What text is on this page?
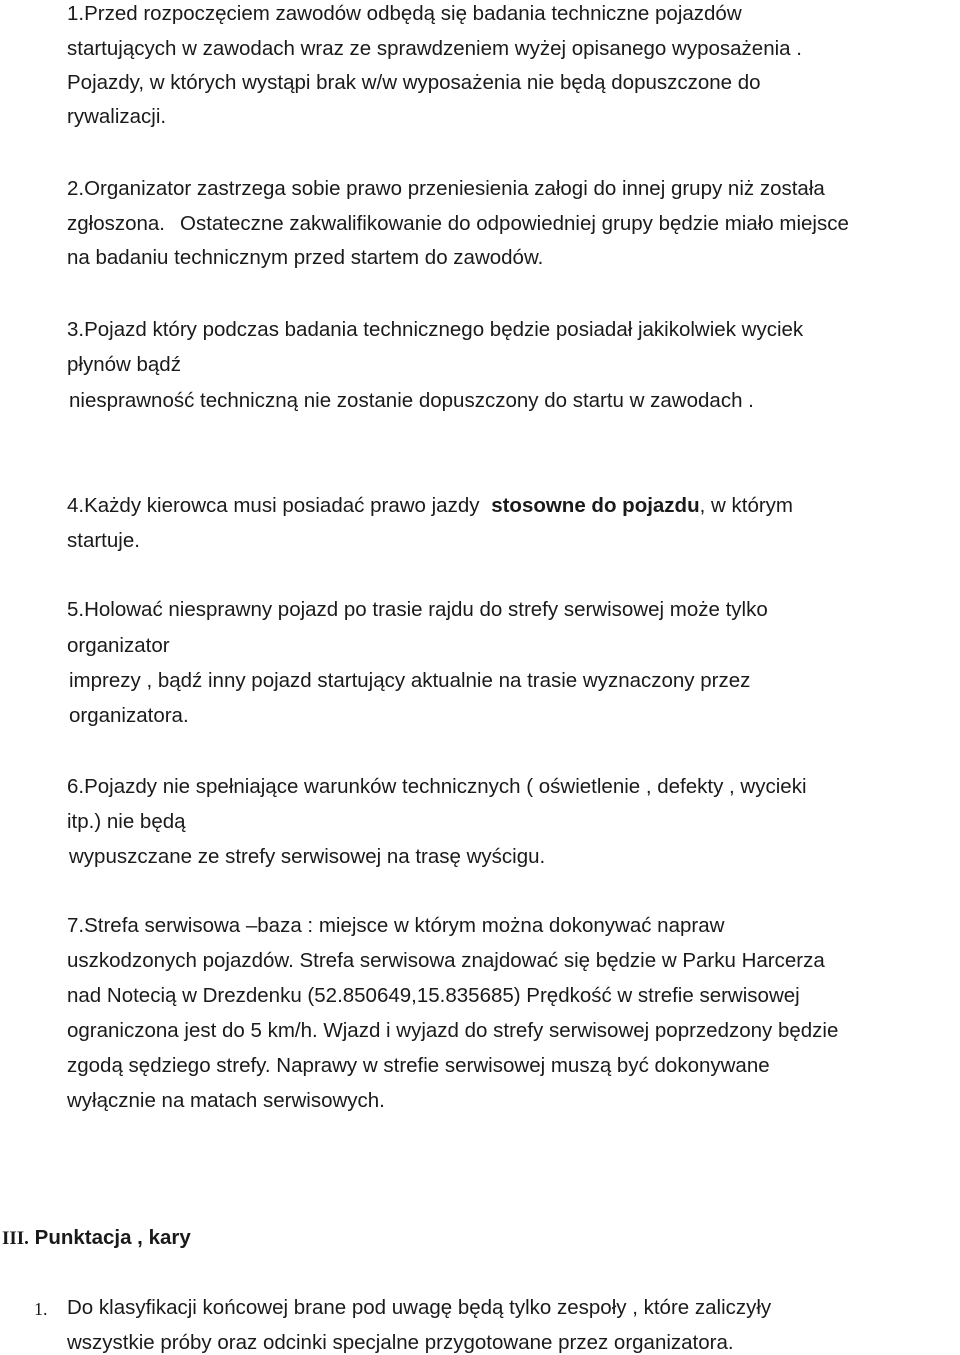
1.Przed rozpoczęciem zawodów odbędą się badania techniczne pojazdów
startujących w zawodach wraz ze sprawdzeniem wyżej opisanego wyposażenia .
Pojazdy, w których wystąpi brak w/w wyposażenia nie będą dopuszczone do
rywalizacji.
2.Organizator zastrzega sobie prawo przeniesienia załogi do innej grupy niż została
zgłoszona. Ostateczne zakwalifikowanie do odpowiedniej grupy będzie miało miejsce
na badaniu technicznym przed startem do zawodów.
3.Pojazd który podczas badania technicznego będzie posiadał jakikolwiek wyciek
płynów bądź
niesprawność techniczną nie zostanie dopuszczony do startu w zawodach .
4.Każdy kierowca musi posiadać prawo jazdy stosowne do pojazdu, w którym
startuje.
5.Holować niesprawny pojazd po trasie rajdu do strefy serwisowej może tylko
organizator
imprezy , bądź inny pojazd startujący aktualnie na trasie wyznaczony przez
organizatora.
6.Pojazdy nie spełniające warunków technicznych ( oświetlenie , defekty , wycieki
itp.) nie będą
wypuszczane ze strefy serwisowej na trasę wyścigu.
7.Strefa serwisowa –baza : miejsce w którym można dokonywać napraw
uszkodzonych pojazdów. Strefa serwisowa znajdować się będzie w Parku Harcerza
nad Notecią w Drezdenku (52.850649,15.835685) Prędkość w strefie serwisowej
ograniczona jest do 5 km/h. Wjazd i wyjazd do strefy serwisowej poprzedzony będzie
zgodą sędziego strefy. Naprawy w strefie serwisowej muszą być dokonywane
wyłącznie na matach serwisowych.
III. Punktacja , kary
1. Do klasyfikacji końcowej brane pod uwagę będą tylko zespoły , które zaliczyły
wszystkie próby oraz odcinki specjalne przygotowane przez organizatora.
